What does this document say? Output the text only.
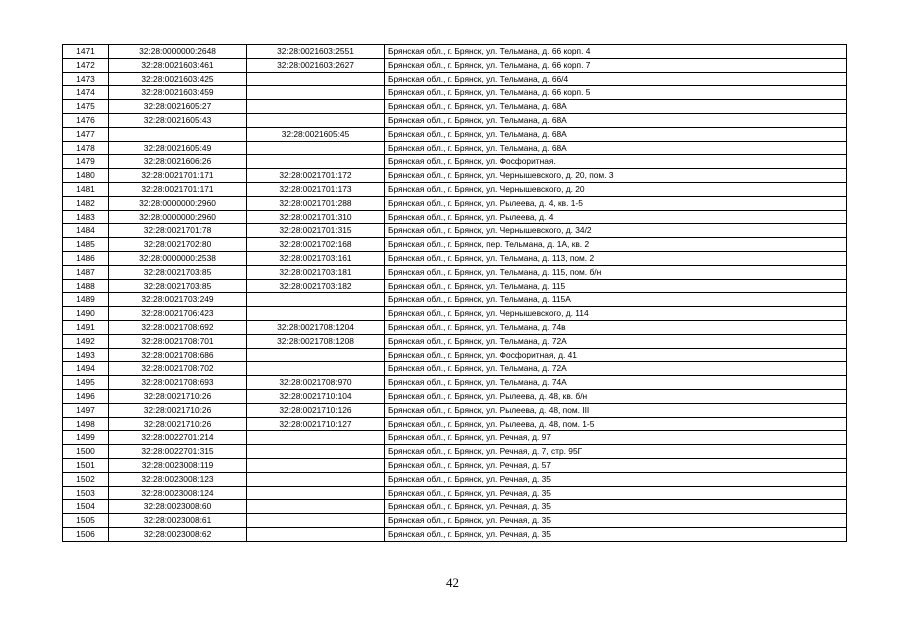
1471	32:28:0000000:2648	32:28:0021603:2551	Брянская обл., г. Брянск, ул. Тельмана, д. 66 корп. 4
1472	32:28:0021603:461	32:28:0021603:2627	Брянская обл., г. Брянск, ул. Тельмана, д. 66 корп. 7
1473	32:28:0021603:425		Брянская обл., г. Брянск, ул. Тельмана, д. 66/4
1474	32:28:0021603:459		Брянская обл., г. Брянск, ул. Тельмана, д. 66 корп. 5
1475	32:28:0021605:27		Брянская обл., г. Брянск, ул. Тельмана, д. 68А
1476	32:28:0021605:43		Брянская обл., г. Брянск, ул. Тельмана, д. 68А
1477		32:28:0021605:45	Брянская обл., г. Брянск, ул. Тельмана, д. 68А
1478	32:28:0021605:49		Брянская обл., г. Брянск, ул. Тельмана, д. 68А
1479	32:28:0021606:26		Брянская обл., г. Брянск, ул. Фосфоритная.
1480	32:28:0021701:171	32:28:0021701:172	Брянская обл., г. Брянск, ул. Чернышевского, д. 20, пом. 3
1481	32:28:0021701:171	32:28:0021701:173	Брянская обл., г. Брянск, ул. Чернышевского, д. 20
1482	32:28:0000000:2960	32:28:0021701:288	Брянская обл., г. Брянск, ул. Рылеева, д. 4, кв. 1-5
1483	32:28:0000000:2960	32:28:0021701:310	Брянская обл., г. Брянск, ул. Рылеева, д. 4
1484	32:28:0021701:78	32:28:0021701:315	Брянская обл., г. Брянск, ул. Чернышевского, д. 34/2
1485	32:28:0021702:80	32:28:0021702:168	Брянская обл., г. Брянск, пер. Тельмана, д. 1А, кв. 2
1486	32:28:0000000:2538	32:28:0021703:161	Брянская обл., г. Брянск, ул. Тельмана, д. 113, пом. 2
1487	32:28:0021703:85	32:28:0021703:181	Брянская обл., г. Брянск, ул. Тельмана, д. 115, пом. б/н
1488	32:28:0021703:85	32:28:0021703:182	Брянская обл., г. Брянск, ул. Тельмана, д. 115
1489	32:28:0021703:249		Брянская обл., г. Брянск, ул. Тельмана, д. 115А
1490	32:28:0021706:423		Брянская обл., г. Брянск, ул. Чернышевского, д. 114
1491	32:28:0021708:692	32:28:0021708:1204	Брянская обл., г. Брянск, ул. Тельмана, д. 74в
1492	32:28:0021708:701	32:28:0021708:1208	Брянская обл., г. Брянск, ул. Тельмана, д. 72А
1493	32:28:0021708:686		Брянская обл., г. Брянск, ул. Фосфоритная, д. 41
1494	32:28:0021708:702		Брянская обл., г. Брянск, ул. Тельмана, д. 72А
1495	32:28:0021708:693	32:28:0021708:970	Брянская обл., г. Брянск, ул. Тельмана, д. 74А
1496	32:28:0021710:26	32:28:0021710:104	Брянская обл., г. Брянск, ул. Рылеева, д. 48, кв. б/н
1497	32:28:0021710:26	32:28:0021710:126	Брянская обл., г. Брянск, ул. Рылеева, д. 48, пом. III
1498	32:28:0021710:26	32:28:0021710:127	Брянская обл., г. Брянск, ул. Рылеева, д. 48, пом. 1-5
1499	32:28:0022701:214		Брянская обл., г. Брянск, ул. Речная, д. 97
1500	32:28:0022701:315		Брянская обл., г. Брянск, ул. Речная, д. 7, стр. 95Г
1501	32:28:0023008:119		Брянская обл., г. Брянск, ул. Речная, д. 57
1502	32:28:0023008:123		Брянская обл., г. Брянск, ул. Речная, д. 35
1503	32:28:0023008:124		Брянская обл., г. Брянск, ул. Речная, д. 35
1504	32:28:0023008:60		Брянская обл., г. Брянск, ул. Речная, д. 35
1505	32:28:0023008:61		Брянская обл., г. Брянск, ул. Речная, д. 35
1506	32:28:0023008:62		Брянская обл., г. Брянск, ул. Речная, д. 35
42
